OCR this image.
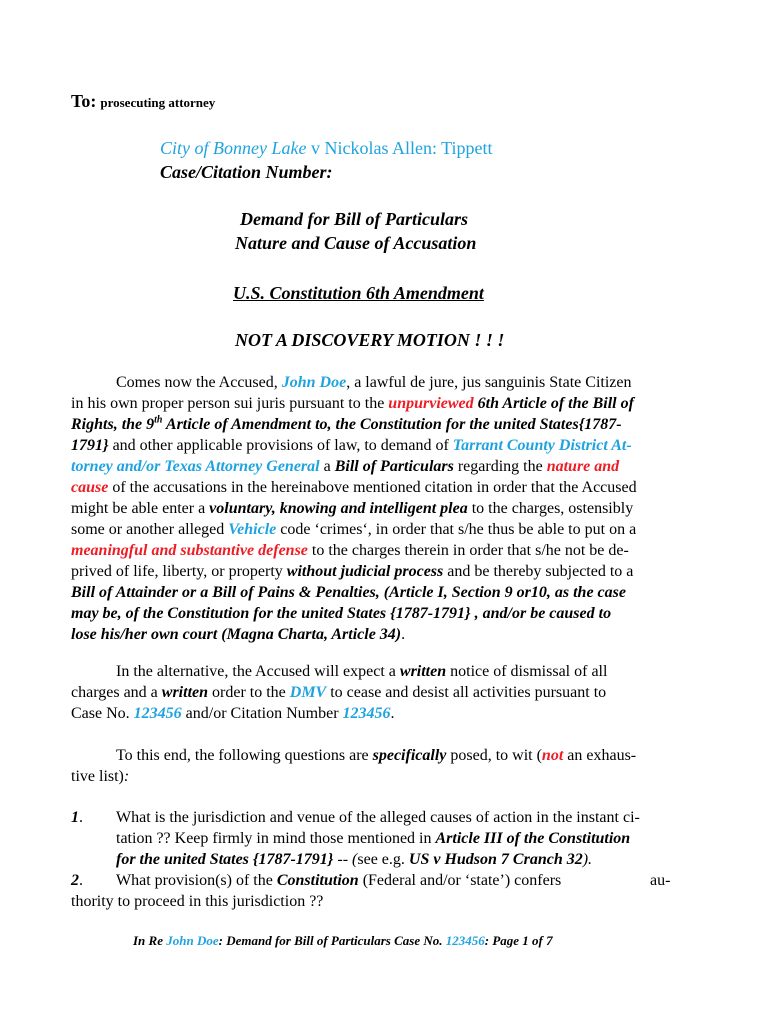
To: prosecuting attorney
City of Bonney Lake v Nickolas Allen: Tippett
Case/Citation Number:
Demand for Bill of Particulars
Nature and Cause of Accusation
U.S. Constitution 6th Amendment
NOT A DISCOVERY MOTION ! ! !
Comes now the Accused, John Doe, a lawful de jure, jus sanguinis State Citizen
in his own proper person sui juris pursuant to the unpurviewed 6th Article of the Bill of
Rights, the 9th Article of Amendment to, the Constitution for the united States{1787-
1791} and other applicable provisions of law, to demand of Tarrant County District At-
torney and/or Texas Attorney General a Bill of Particulars regarding the nature and
cause of the accusations in the hereinabove mentioned citation in order that the Accused
might be able enter a voluntary, knowing and intelligent plea to the charges, ostensibly
some or another alleged Vehicle code ‘crimes‘, in order that s/he thus be able to put on a
meaningful and substantive defense to the charges therein in order that s/he not be de-
prived of life, liberty, or property without judicial process and be thereby subjected to a
Bill of Attainder or a Bill of Pains & Penalties, (Article I, Section 9 or10, as the case
may be, of the Constitution for the united States {1787-1791} , and/or be caused to
lose his/her own court (Magna Charta, Article 34).
In the alternative, the Accused will expect a written notice of dismissal of all
charges and a written order to the DMV to cease and desist all activities pursuant to
Case No. 123456 and/or Citation Number 123456.
To this end, the following questions are specifically posed, to wit (not an exhaus-
tive list):
1. What is the jurisdiction and venue of the alleged causes of action in the instant ci-
tation ?? Keep firmly in mind those mentioned in Article III of the Constitution
for the united States {1787-1791} -- (see e.g. US v Hudson 7 Cranch 32).
2. What provision(s) of the Constitution (Federal and/or ‘state’) confers	au-
thority to proceed in this jurisdiction ??
In Re John Doe: Demand for Bill of Particulars Case No. 123456: Page 1 of 7
